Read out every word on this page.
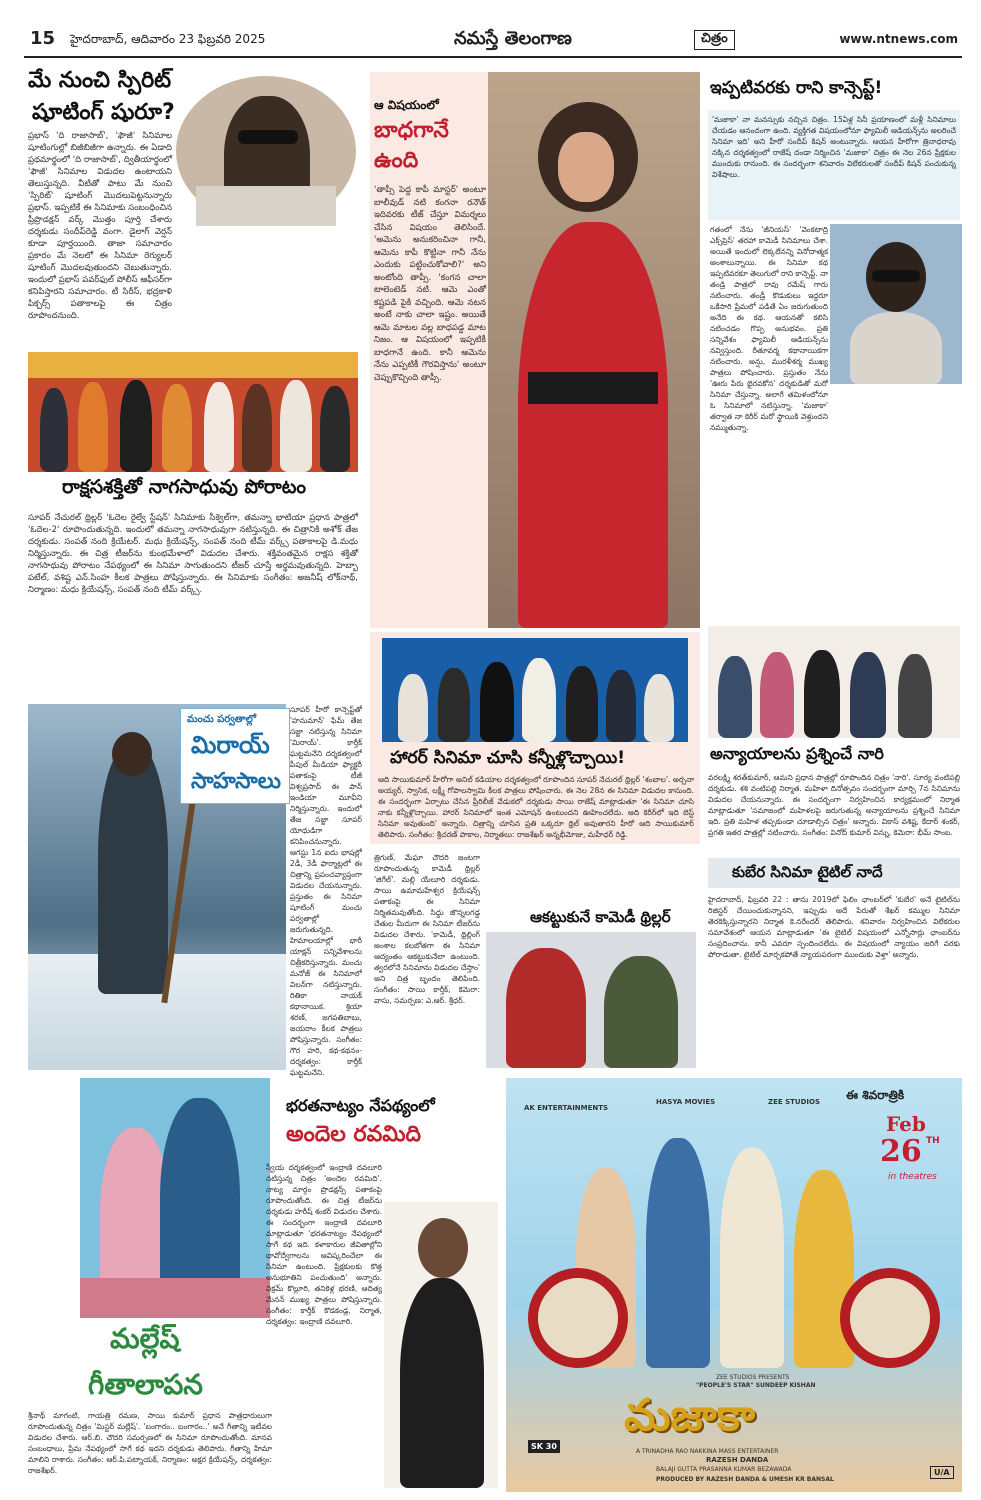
15 హైదరాబాద్, ఆదివారం 23 ఫిబ్రవరి 2025	నమస్తే తెలంగాణ	చిత్రం	www.ntnews.com
మే నుంచి స్పిరిట్
షూటింగ్ షురూ?
ప్రభాస్ 'ది రాజాసాబ్', 'ఫౌజీ' సినిమాల షూటింగుల్లో బిజీబిజీగా ఉన్నారు. ఈ ఏడాది ప్రథమార్థంలో 'ది రాజాసాబ్', ద్వితీయార్థంలో 'ఫౌజీ' సినిమాల విడుదల ఉంటాయని తెలుస్తున్నది. వీటితో పాటు మే నుంచి 'స్పిరిట్' షూటింగ్ మొదలుపెట్టనున్నారు ప్రభాస్. ఇప్పటికే ఈ సినిమాకు సంబంధించిన ప్రీప్రొడక్షన్ వర్క్ మొత్తం పూర్తి చేశారు దర్శకుడు సందీప్‌రెడ్డి వంగా. డైలాగ్ వెర్షన్ కూడా పూర్తయింది. తాజా సమాచారం ప్రకారం మే నెలలో ఈ సినిమా రెగ్యులర్ షూటింగ్ మొదలవుతుందని చెబుతున్నారు. ఇందులో ప్రభాస్ పవర్‌ఫుల్ పోలీస్ ఆఫీసర్‌గా కనిపిస్తారని సమాచారం. టీ సిరీస్, భద్రకాళి పిక్చర్స్ పతాకాలపై ఈ చిత్రం రూపొందనుంది.
రాక్షసశక్తితో నాగసాధువు పోరాటం
సూపర్ నేచురల్ థ్రిల్లర్ 'ఓదెల రైల్వే స్టేషన్' సినిమాకు సీక్వెల్‌గా, తమన్నా భాటియా ప్రధాన పాత్రలో 'ఓదెల-2' రూపొందుతున్నది. ఇందులో తమన్నా నాగసాధువుగా నటిస్తున్నది. ఈ చిత్రానికి అశోక్ తేజ దర్శకుడు. సంపత్ నంది క్రియేటర్. మధు క్రియేషన్స్, సంపత్ నంది టీమ్ వర్క్స్ పతాకాలపై డి.మధు నిర్మిస్తున్నారు. ఈ చిత్ర టీజర్‌ను కుంభమేళాలో విడుదల చేశారు. శక్తివంతమైన రాక్షస శక్తితో నాగసాధువు పోరాటం నేపథ్యంలో ఈ సినిమా సాగుతుందని టీజర్ చూస్తే అర్థమవుతున్నది. హెబ్బా పటేల్, వశిష్ట ఎన్.సింహ కీలక పాత్రలు పోషిస్తున్నారు. ఈ సినిమాకు సంగీతం: అజనీష్ లోక్‌నాథ్, నిర్మాణం: మధు క్రియేషన్స్, సంపత్ నంది టీమ్ వర్క్స్.
మంచు పర్వతాల్లో
మిరాయ్
సాహసాలు
సూపర్ హీరో కాన్సెప్ట్‌తో 'హనుమాన్' ఫేమ్ తేజ సజ్జా నటిస్తున్న సినిమా 'మిరాయ్'. కార్తీక్ ఘట్టమనేని దర్శకత్వంలో పీపుల్ మీడియా ఫ్యాక్టరీ పతాకంపై టీజీ విశ్వప్రసాద్ ఈ పాన్ ఇండియా మూవీని నిర్మిస్తున్నారు. ఇందులో తేజ సజ్జా సూపర్ యోధుడిగా కనిపించనున్నారు. ఆగస్టు 1న ఐదు భాషల్లో 2డీ, 3డీ ఫార్మాట్లలో ఈ చిత్రాన్ని ప్రపంచవ్యాప్తంగా విడుదల చేయనున్నారు. ప్రస్తుతం ఈ సినిమా షూటింగ్ మంచు పర్వతాల్లో జరుగుతున్నది. హిమాలయాల్లో భారీ యాక్షన్ సన్నివేశాలను చిత్రీకరిస్తున్నారు. మంచు మనోజ్ ఈ సినిమాలో విలన్‌గా నటిస్తున్నారు. రితికా నాయక్ కథానాయిక. శ్రియా శరణ్, జగపతిబాబు, జయరాం కీలక పాత్రలు పోషిస్తున్నారు. సంగీతం: గౌర హరి, కథ-కథనం-దర్శకత్వం: కార్తీక్ ఘట్టమనేని.
మల్లేష్
గీతాలాపన
శ్రీనాథ్ మాగంటి, గాయత్రి రమణ, సాయి కుమార్ ప్రధాన పాత్రధారులుగా రూపొందుతున్న చిత్రం 'మిస్టర్ మల్లేష్'. 'బంగారం.. బంగారం..' అనే గీతాన్ని ఇటీవల విడుదల చేశారు. ఆర్.బి. చౌదరి సమర్పణలో ఈ సినిమా రూపొందుతోంది. మానవ సంబంధాలు, ప్రేమ నేపథ్యంలో సాగే కథ ఇదని దర్శకుడు తెలిపారు. గీతాన్ని హేమా మాలిని రాశారు. సంగీతం: ఆర్.పి.పట్నాయక్, నిర్మాణం: అక్షర క్రియేషన్స్, దర్శకత్వం: రాజశేఖర్.
ఆ విషయంలో
బాధగానే
ఉంది
'తాప్సీ పెద్ద కాపీ మాస్టర్' అంటూ బాలీవుడ్ నటి కంగనా రనౌత్ ఇదివరకు టీజ్ చేస్తూ విమర్శలు చేసిన విషయం తెలిసిందే. 'అమెను అనుకరించినా గానీ, ఆమెను కాపీ కొట్టినా గానీ నేను ఎందుకు పట్టించుకోవాలి?' అని అంటోంది తాప్సీ. 'కంగన చాలా టాలెంటెడ్ నటి. ఆమె ఎంతో కష్టపడి పైకి వచ్చింది. ఆమె నటన అంటే నాకు చాలా ఇష్టం. అయితే ఆమె మాటల వల్ల బాధపడ్డ మాట నిజం. ఆ విషయంలో ఇప్పటికీ బాధగానే ఉంది. కానీ ఆమెను నేను ఎప్పటికీ గౌరవిస్తాను' అంటూ చెప్పుకొచ్చింది తాప్సీ.
హారర్ సినిమా చూసి కన్నీళ్లొచ్చాయి!
ఆది సాయికుమార్ హీరోగా అనిల్ కడియాల దర్శకత్వంలో రూపొందిన సూపర్ నేచురల్ థ్రిల్లర్ 'శంబాల'. అర్చనా అయ్యర్, స్వాసిక, లక్ష్మీ గోపాలస్వామి కీలక పాత్రలు పోషించారు. ఈ నెల 28న ఈ సినిమా విడుదల కానుంది. ఈ సందర్భంగా ఏర్పాటు చేసిన ప్రీరిలీజ్ వేడుకలో దర్శకుడు సాయి రాజేష్ మాట్లాడుతూ 'ఈ సినిమా చూసి నాకు కన్నీళ్లొచ్చాయి. హారర్ సినిమాలో ఇంత ఎమోషన్ ఉంటుందని ఊహించలేదు. ఆది కెరీర్‌లో ఇది బెస్ట్ సినిమా అవుతుంది' అన్నారు. చిత్రాన్ని చూసిన ప్రతి ఒక్కరూ థ్రిల్ అవుతారని హీరో ఆది సాయికుమార్ తెలిపారు. సంగీతం: శ్రీచరణ్ పాకాల, నిర్మాతలు: రాజశేఖర్ అన్నభీమోజు, మహీధర్ రెడ్డి.
ఆకట్టుకునే కామెడీ థ్రిల్లర్
త్రిగుణ్, మేఘా చౌదరి జంటగా రూపొందుతున్న కామెడీ థ్రిల్లర్ 'జిగేల్'. మల్లి యేలూరి దర్శకుడు. సాయి ఉమామహేశ్వర క్రియేషన్స్ పతాకంపై ఈ సినిమా నిర్మితమవుతోంది. సిద్దు జొన్నలగడ్డ చేతుల మీదుగా ఈ సినిమా టీజర్‌ను విడుదల చేశారు. 'కామెడీ, థ్రిల్లింగ్ అంశాల కలబోతగా ఈ సినిమా ఆద్యంతం ఆకట్టుకునేలా ఉంటుంది. త్వరలోనే సినిమాను విడుదల చేస్తాం' అని చిత్ర బృందం తెలిపింది. సంగీతం: సాయి కార్తీక్, కెమెరా: వాసు, సమర్పణ: ఎ.ఆర్. శ్రీధర్.
భరతనాట్యం నేపథ్యంలో
అందెల రవమిది
స్వీయ దర్శకత్వంలో ఇంద్రాణి దవలూరి నటిస్తున్న చిత్రం 'అందెల రవమిది'. నాట్య మార్గం ప్రొడక్షన్స్ పతాకంపై రూపొందుతోంది. ఈ చిత్ర టీజర్‌ను దర్శకుడు హరీష్ శంకర్ విడుదల చేశారు. ఈ సందర్భంగా ఇంద్రాణి దవలూరి మాట్లాడుతూ 'భరతనాట్యం నేపథ్యంలో సాగే కథ ఇది. కళాకారుల జీవితాల్లోని భావోద్వేగాలను ఆవిష్కరించేలా ఈ సినిమా ఉంటుంది. ప్రేక్షకులకు కొత్త అనుభూతిని పంచుతుంది' అన్నారు. విక్రమ్ కొల్లూరి, తనికెళ్ల భరణి, ఆదిత్య మేనన్ ముఖ్య పాత్రలు పోషిస్తున్నారు. సంగీతం: కార్తీక్ కొడకండ్ల, నిర్మాత, దర్శకత్వం: ఇంద్రాణి దవలూరి.
ఇప్పటివరకు రాని కాన్సెప్ట్!
'మజాకా' నా మనస్సుకు నచ్చిన చిత్రం. 15ఏళ్ల సినీ ప్రయాణంలో మళ్లీ సినిమాలు చేయడం ఆనందంగా ఉంది. వ్యక్తిగత విషయంలోనూ ఫ్యామిలీ ఆడియన్స్‌ను అలరించే సినిమా ఇది' అని హీరో సందీప్ కిషన్ అంటున్నారు. ఆయన హీరోగా త్రినాధరావు నక్కిన దర్శకత్వంలో రాజేష్ దండా నిర్మించిన 'మజాకా' చిత్రం ఈ నెల 26న ప్రేక్షకుల ముందుకు రానుంది. ఈ సందర్భంగా శనివారం విలేకరులతో సందీప్ కిషన్ పంచుకున్న విశేషాలు.
గతంలో నేను 'జీనియస్' 'వెంకటాద్రి ఎక్స్‌ప్రెస్' తరహా కామెడీ సినిమాలు చేశా. అయితే ఇందులో లెక్కలేనన్ని వినోదాత్మక అంశాలున్నాయి. ఈ సినిమా కథ ఇప్పటివరకూ తెలుగులో రాని కాన్సెప్ట్. నా తండ్రి పాత్రలో రావు రమేష్ గారు నటించారు. తండ్రీ కొడుకులు ఇద్దరూ ఒకేసారి ప్రేమలో పడితే ఏం జరుగుతుంది అనేది ఈ కథ. ఆయనతో కలిసి నటించడం గొప్ప అనుభవం. ప్రతి సన్నివేశం ఫ్యామిలీ ఆడియన్స్‌ను నవ్విస్తుంది. రీతూవర్మ కథానాయికగా నటించారు. అన్షు, మురళీశర్మ ముఖ్య పాత్రలు పోషించారు. ప్రస్తుతం నేను 'ఊరు పేరు భైరవకోన' దర్శకుడితో మరో సినిమా చేస్తున్నా. అలాగే తమిళంలోనూ ఓ సినిమాలో నటిస్తున్నా. 'మజాకా' తర్వాత నా కెరీర్ మరో స్థాయికి వెళ్తుందని నమ్ముతున్నా.
అన్యాయాలను ప్రశ్నించే నారి
వరలక్ష్మి శరత్‌కుమార్, ఆమని ప్రధాన పాత్రల్లో రూపొందిన చిత్రం 'నారి'. సూర్య వంటిపల్లి దర్శకుడు. శశి వంటిపల్లి నిర్మాత. మహిళా దినోత్సవం సందర్భంగా మార్చి 7న సినిమాను విడుదల చేయనున్నారు. ఈ సందర్భంగా నిర్వహించిన కార్యక్రమంలో నిర్మాత మాట్లాడుతూ 'సమాజంలో మహిళలపై జరుగుతున్న అన్యాయాలను ప్రశ్నించే సినిమా ఇది. ప్రతి మహిళ తప్పకుండా చూడాల్సిన చిత్రం' అన్నారు. వికాస్ వశిష్ట, కేదార్ శంకర్, ప్రగతి ఇతర పాత్రల్లో నటించారు. సంగీతం: వినోద్ కుమార్ విన్ను, కెమెరా: భీమ్ సాంబ.
కుబేర సినిమా టైటిల్ నాదే
హైదరాబాద్, ఫిబ్రవరి 22 : తాను 2019లో ఫిలిం ఛాంబర్‌లో 'కుబేర' అనే టైటిల్‌ను రిజిస్టర్ చేయించుకున్నానని, ఇప్పుడు అదే పేరుతో శేఖర్ కమ్ముల సినిమా తెరకెక్కిస్తున్నారని నిర్మాత కె.నరేందర్ తెలిపారు. శనివారం నిర్వహించిన విలేకరుల సమావేశంలో ఆయన మాట్లాడుతూ 'ఈ టైటిల్ విషయంలో ఎన్నోసార్లు ఛాంబర్‌ను సంప్రదించాను. కానీ ఎవరూ స్పందించలేదు. ఈ విషయంలో న్యాయం జరిగే వరకు పోరాడుతా. టైటిల్ మార్చకపోతే న్యాయపరంగా ముందుకు వెళ్తా' అన్నారు.
AK ENTERTAINMENTS
HASYA MOVIES	ZEE STUDIOS ఈ శివరాత్రికి
Feb
26 TH
in theatres
ZEE STUDIOS PRESENTS
"PEOPLE'S STAR" SUNDEEP KISHAN
మజాకా
SK 30
A TRINADHA RAO NAKKINA MASS ENTERTAINER
RAZESH DANDA
BALAJI GUTTA PRASANNA KUMAR BEZAWADA
PRODUCED BY RAZESH DANDA & UMESH KR BANSAL
U/A
